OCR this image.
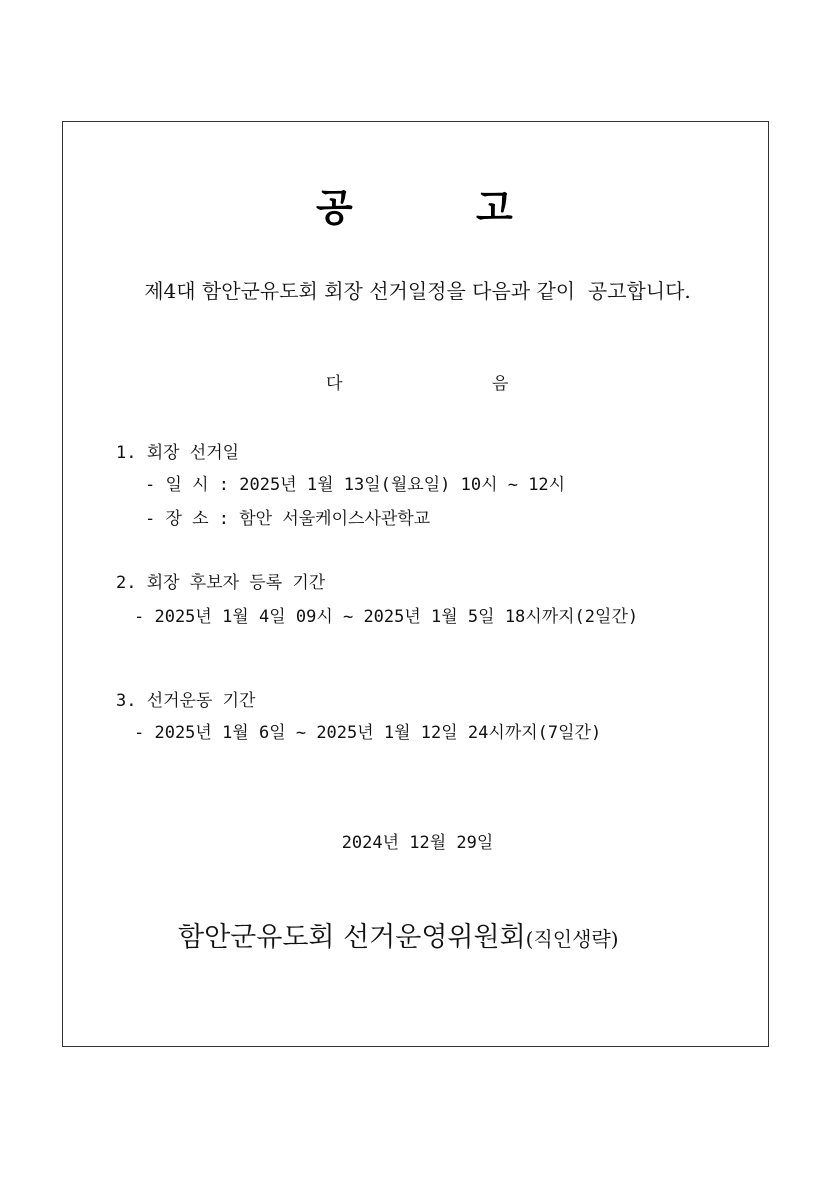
공	고
제4대 함안군유도회 회장 선거일정을 다음과 같이  공고합니다.
다	음
1. 회장 선거일
- 일 시 : 2025년 1월 13일(월요일) 10시 ~ 12시
- 장 소 : 함안 서울케이스사관학교
2. 회장 후보자 등록 기간
- 2025년 1월 4일 09시 ~ 2025년 1월 5일 18시까지(2일간)
3. 선거운동 기간
- 2025년 1월 6일 ~ 2025년 1월 12일 24시까지(7일간)
2024년 12월 29일
함안군유도회 선거운영위원회(직인생략)
